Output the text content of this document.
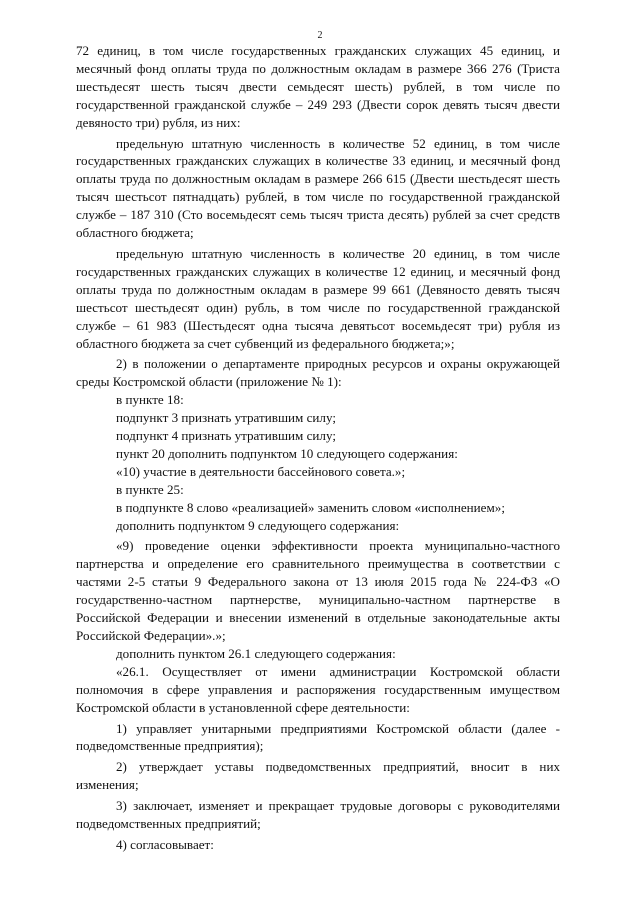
2

72 единиц, в том числе государственных гражданских служащих 45 единиц, и месячный фонд оплаты труда по должностным окладам в размере 366 276 (Триста шестьдесят шесть тысяч двести семьдесят шесть) рублей, в том числе по государственной гражданской службе – 249 293 (Двести сорок девять тысяч двести девяносто три) рубля, из них:

предельную штатную численность в количестве 52 единиц, в том числе государственных гражданских служащих в количестве 33 единиц, и месячный фонд оплаты труда по должностным окладам в размере 266 615 (Двести шестьдесят шесть тысяч шестьсот пятнадцать) рублей, в том числе по государственной гражданской службе – 187 310 (Сто восемьдесят семь тысяч триста десять) рублей за счет средств областного бюджета;

предельную штатную численность в количестве 20 единиц, в том числе государственных гражданских служащих в количестве 12 единиц, и месячный фонд оплаты труда по должностным окладам в размере 99 661 (Девяносто девять тысяч шестьсот шестьдесят один) рубль, в том числе по государственной гражданской службе – 61 983 (Шестьдесят одна тысяча девятьсот восемьдесят три) рубля из областного бюджета за счет субвенций из федерального бюджета;»;

2) в положении о департаменте природных ресурсов и охраны окружающей среды Костромской области (приложение № 1):

в пункте 18:

подпункт 3 признать утратившим силу;

подпункт 4 признать утратившим силу;

пункт 20 дополнить подпунктом 10 следующего содержания:

«10) участие в деятельности бассейнового совета.»;

в пункте 25:

в подпункте 8 слово «реализацией» заменить словом «исполнением»;

дополнить подпунктом 9 следующего содержания:

«9) проведение оценки эффективности проекта муниципально-частного партнерства и определение его сравнительного преимущества в соответствии с частями 2-5 статьи 9 Федерального закона от 13 июля 2015 года № 224-ФЗ «О государственно-частном партнерстве, муниципально-частном партнерстве в Российской Федерации и внесении изменений в отдельные законодательные акты Российской Федерации».»;

дополнить пунктом 26.1 следующего содержания:

«26.1. Осуществляет от имени администрации Костромской области полномочия в сфере управления и распоряжения государственным имуществом Костромской области в установленной сфере деятельности:

1) управляет унитарными предприятиями Костромской области (далее - подведомственные предприятия);

2) утверждает уставы подведомственных предприятий, вносит в них изменения;

3) заключает, изменяет и прекращает трудовые договоры с руководителями подведомственных предприятий;

4) согласовывает:
